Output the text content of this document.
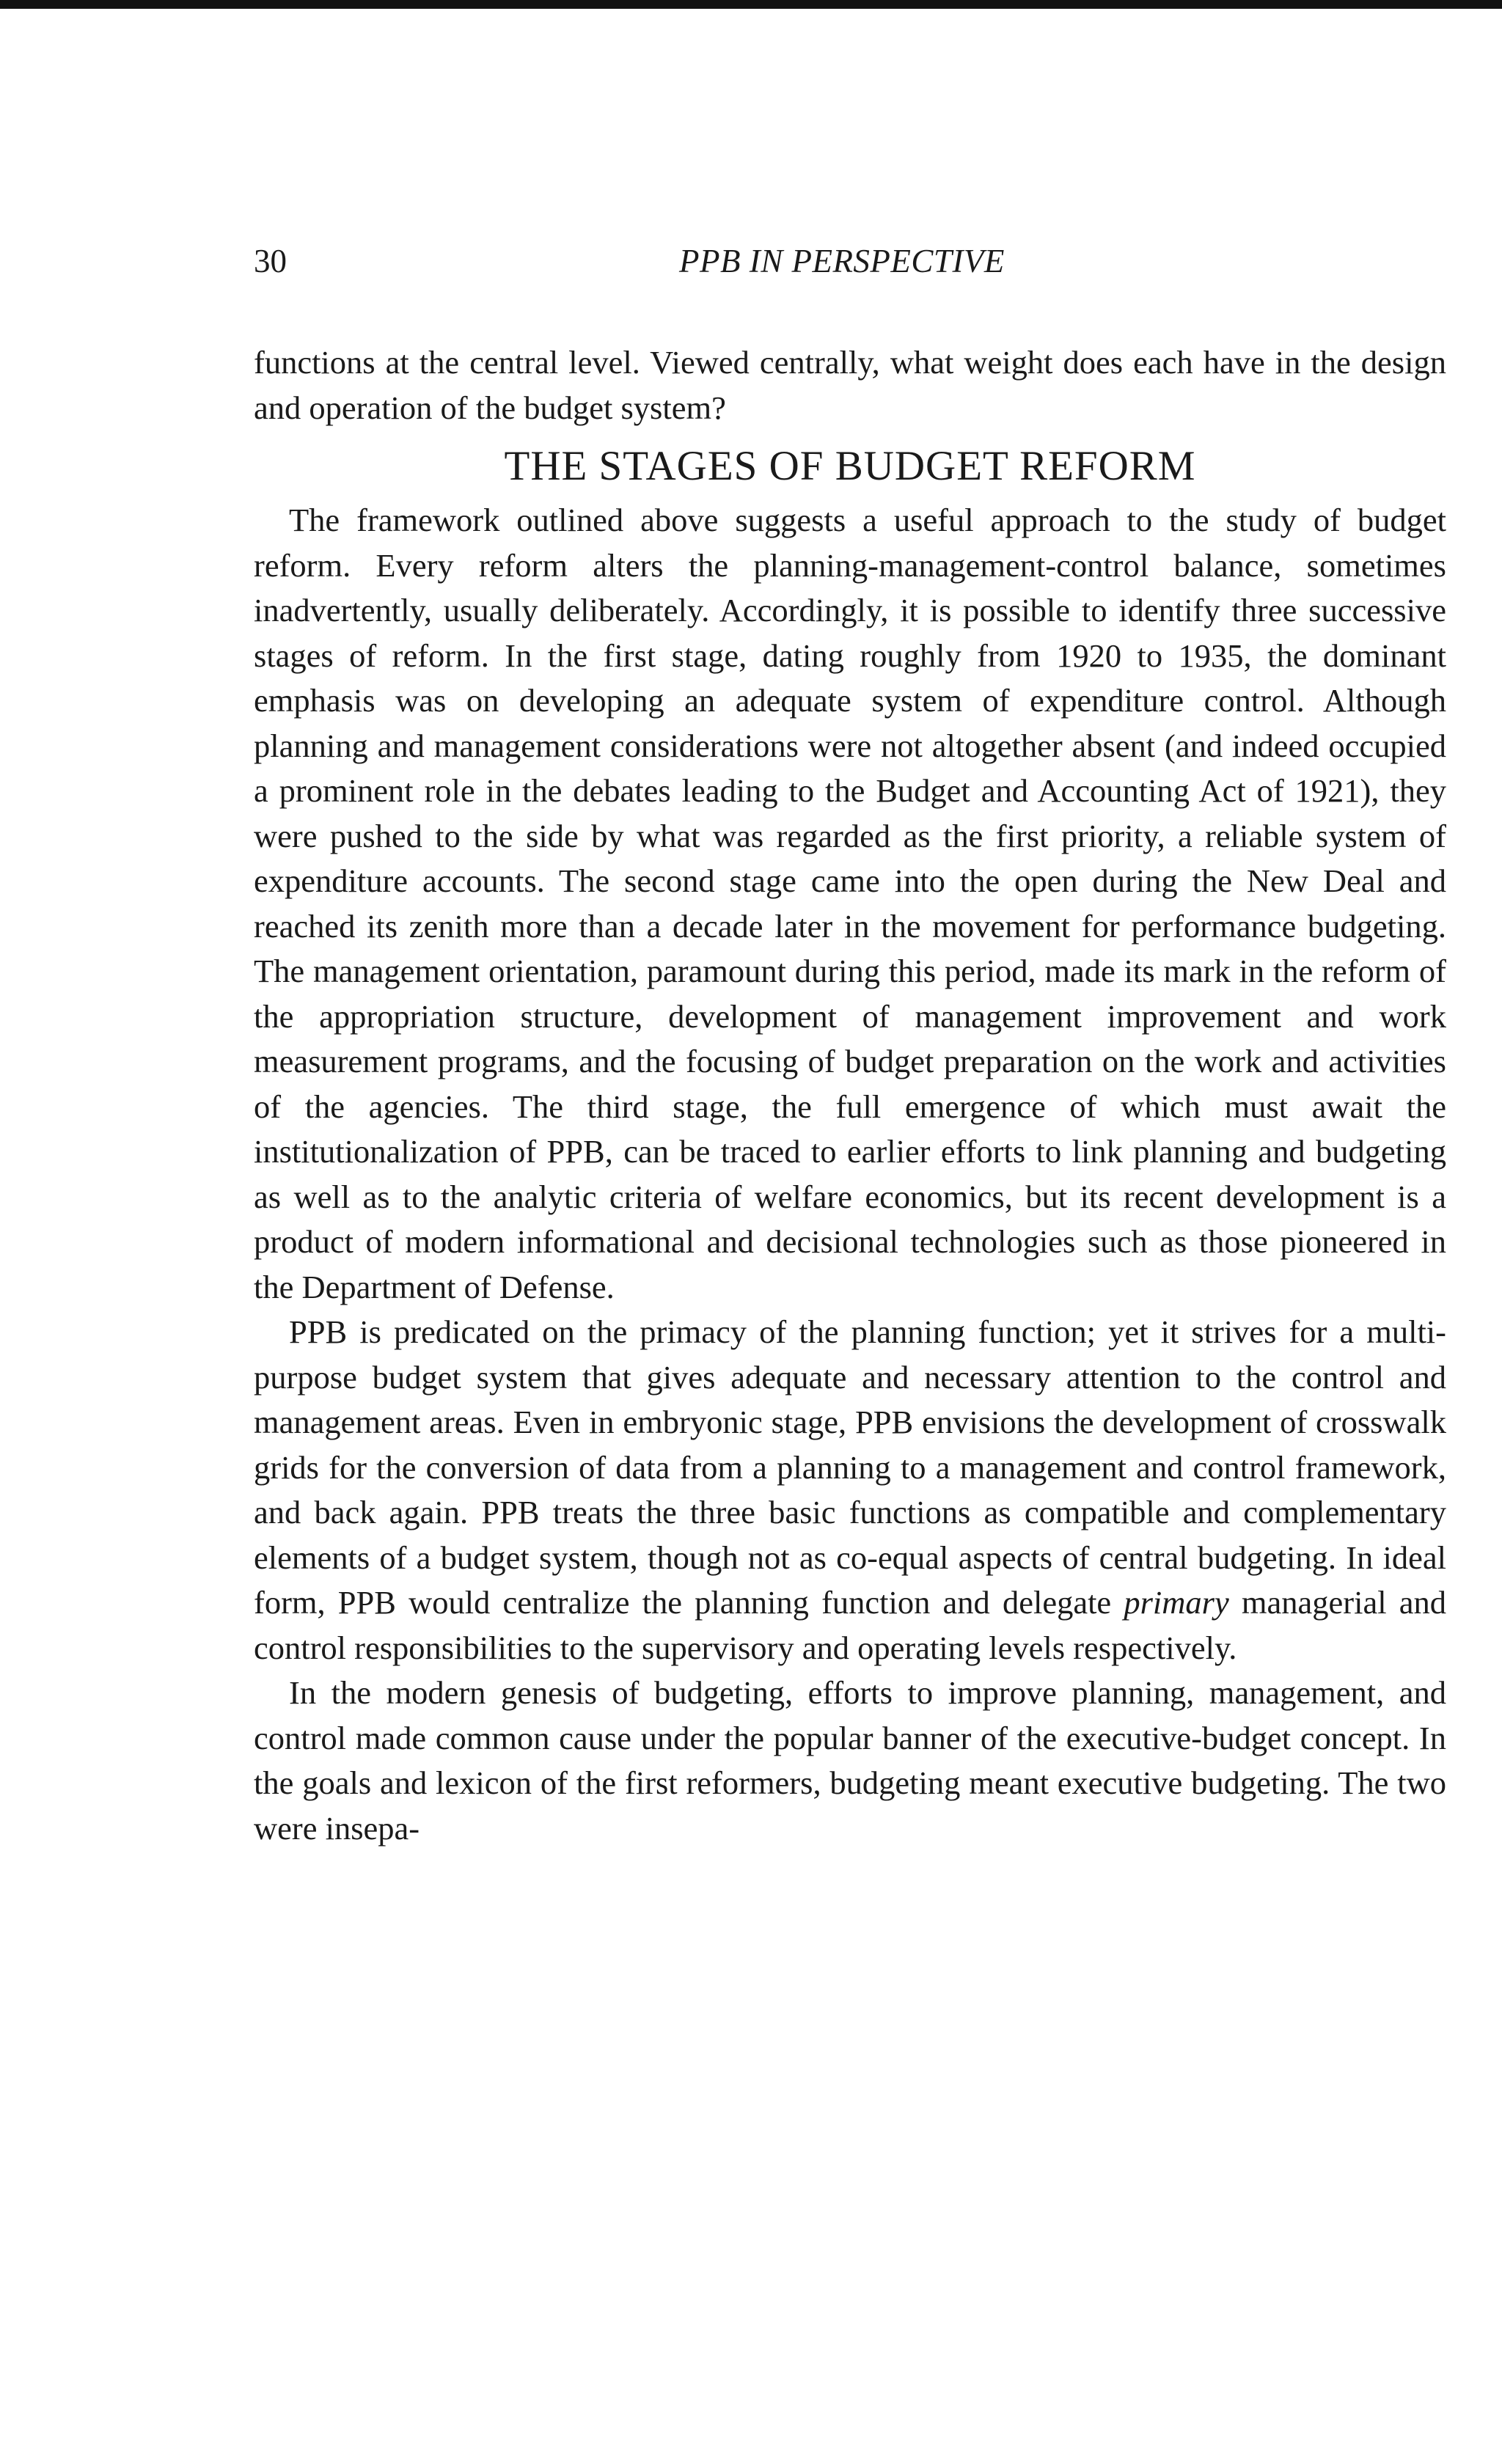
30	PPB IN PERSPECTIVE

functions at the central level. Viewed centrally, what weight does each have in the design and operation of the budget system?

THE STAGES OF BUDGET REFORM

The framework outlined above suggests a useful approach to the study of budget reform. Every reform alters the planning-management-control balance, sometimes inadvertently, usually deliberately. Accordingly, it is possible to identify three successive stages of reform. In the first stage, dating roughly from 1920 to 1935, the dominant emphasis was on developing an adequate system of expenditure control. Although planning and management considerations were not altogether absent (and indeed occupied a prominent role in the debates leading to the Budget and Accounting Act of 1921), they were pushed to the side by what was regarded as the first priority, a reliable system of expenditure accounts. The second stage came into the open during the New Deal and reached its zenith more than a decade later in the movement for performance budgeting. The management orientation, paramount during this period, made its mark in the reform of the appropriation structure, development of management improvement and work measurement programs, and the focusing of budget preparation on the work and activities of the agencies. The third stage, the full emergence of which must await the institutionalization of PPB, can be traced to earlier efforts to link planning and budgeting as well as to the analytic criteria of welfare economics, but its recent development is a product of modern informational and decisional technologies such as those pioneered in the Department of Defense.

PPB is predicated on the primacy of the planning function; yet it strives for a multi-purpose budget system that gives adequate and necessary attention to the control and management areas. Even in embryonic stage, PPB envisions the development of crosswalk grids for the conversion of data from a planning to a management and control framework, and back again. PPB treats the three basic functions as compatible and complementary elements of a budget system, though not as co-equal aspects of central budgeting. In ideal form, PPB would centralize the planning function and delegate primary managerial and control responsibilities to the supervisory and operating levels respectively.

In the modern genesis of budgeting, efforts to improve planning, management, and control made common cause under the popular banner of the executive-budget concept. In the goals and lexicon of the first reformers, budgeting meant executive budgeting. The two were insepa-
